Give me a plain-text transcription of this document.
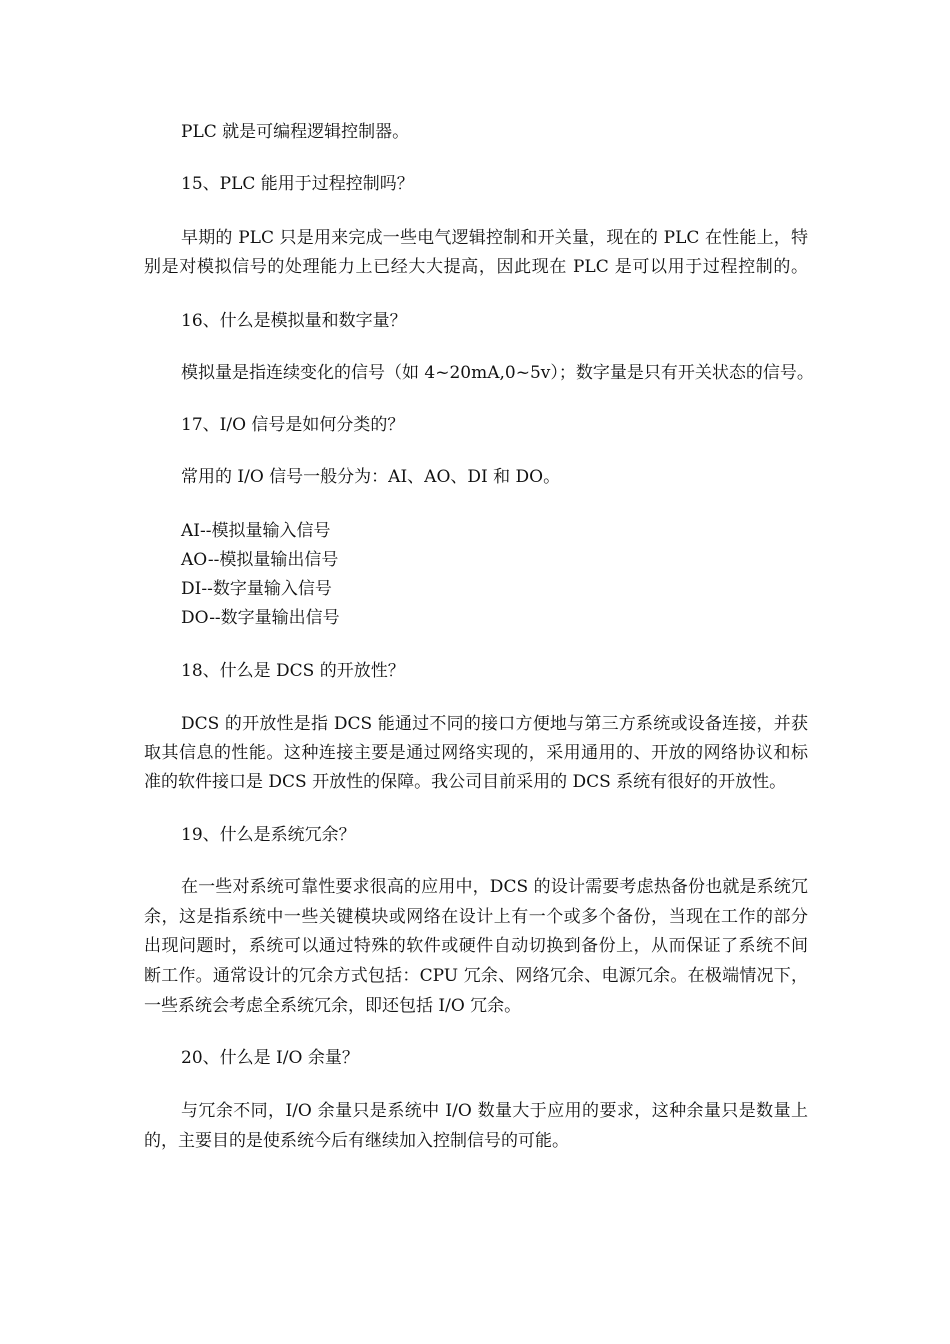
PLC 就是可编程逻辑控制器。
15、PLC 能用于过程控制吗？
早期的 PLC 只是用来完成一些电气逻辑控制和开关量，现在的 PLC 在性能上，特
别是对模拟信号的处理能力上已经大大提高，因此现在 PLC 是可以用于过程控制的。
16、什么是模拟量和数字量？
模拟量是指连续变化的信号（如 4~20mA,0~5v）；数字量是只有开关状态的信号。
17、I/O 信号是如何分类的？
常用的 I/O 信号一般分为：AI、AO、DI 和 DO。
AI--模拟量输入信号
AO--模拟量输出信号
DI--数字量输入信号
DO--数字量输出信号
18、什么是 DCS 的开放性？
DCS 的开放性是指 DCS 能通过不同的接口方便地与第三方系统或设备连接，并获
取其信息的性能。这种连接主要是通过网络实现的，采用通用的、开放的网络协议和标
准的软件接口是 DCS 开放性的保障。我公司目前采用的 DCS 系统有很好的开放性。
19、什么是系统冗余？
在一些对系统可靠性要求很高的应用中，DCS 的设计需要考虑热备份也就是系统冗
余，这是指系统中一些关键模块或网络在设计上有一个或多个备份，当现在工作的部分
出现问题时，系统可以通过特殊的软件或硬件自动切换到备份上，从而保证了系统不间
断工作。通常设计的冗余方式包括：CPU 冗余、网络冗余、电源冗余。在极端情况下，
一些系统会考虑全系统冗余，即还包括 I/O 冗余。
20、什么是 I/O 余量？
与冗余不同，I/O 余量只是系统中 I/O 数量大于应用的要求，这种余量只是数量上
的，主要目的是使系统今后有继续加入控制信号的可能。
